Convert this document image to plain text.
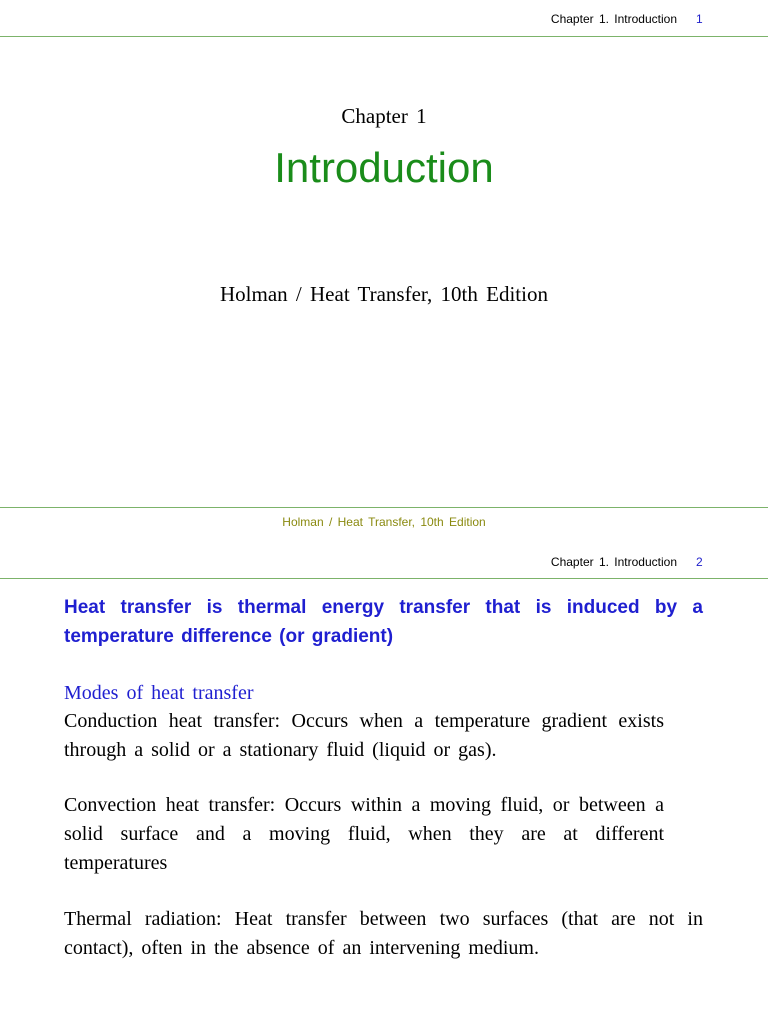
Chapter 1. Introduction 1
Chapter 1
Introduction
Holman / Heat Transfer, 10th Edition
Holman / Heat Transfer, 10th Edition
Chapter 1. Introduction 2
Heat transfer is thermal energy transfer that is induced by a temperature difference (or gradient)
Modes of heat transfer
Conduction heat transfer: Occurs when a temperature gradient exists through a solid or a stationary fluid (liquid or gas).
Convection heat transfer: Occurs within a moving fluid, or between a solid surface and a moving fluid, when they are at different temperatures
Thermal radiation: Heat transfer between two surfaces (that are not in contact), often in the absence of an intervening medium.
